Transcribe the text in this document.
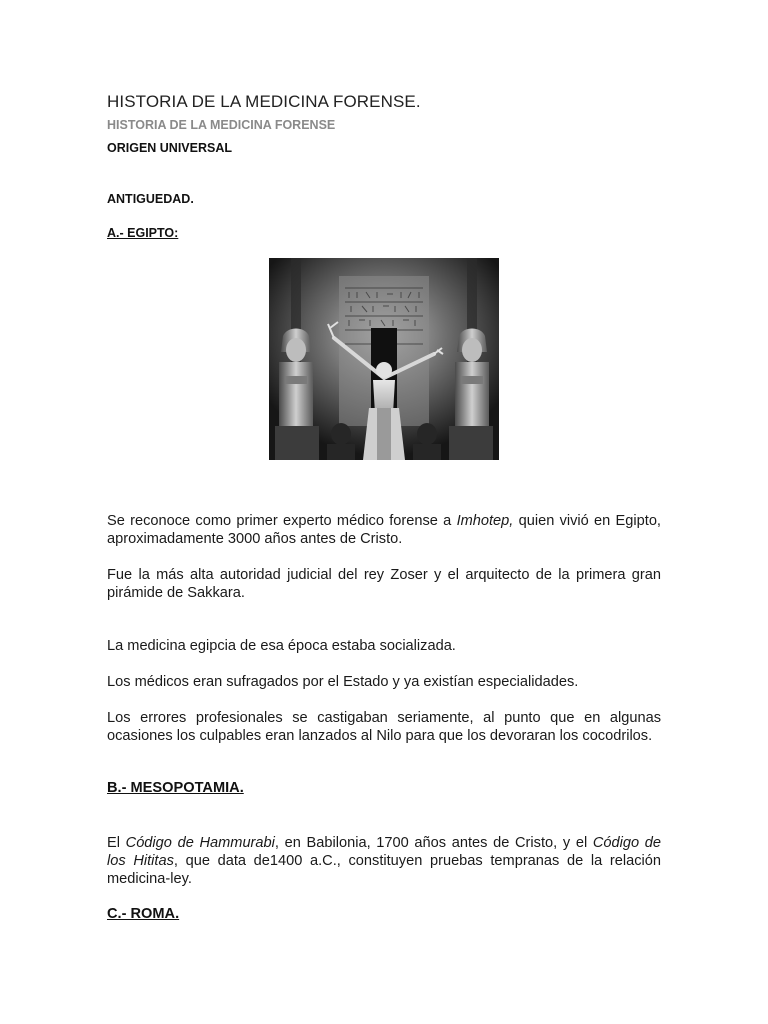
HISTORIA DE LA MEDICINA FORENSE.
HISTORIA DE LA MEDICINA FORENSE
ORIGEN UNIVERSAL
ANTIGUEDAD.
A.- EGIPTO:

Se reconoce como primer experto médico forense a Imhotep, quien vivió en Egipto, aproximadamente 3000 años antes de Cristo.

Fue la más alta autoridad judicial del rey Zoser y el arquitecto de la primera gran pirámide de Sakkara.

La medicina egipcia de esa época estaba socializada.

Los médicos eran sufragados por el Estado y ya existían especialidades.

Los errores profesionales se castigaban seriamente, al punto que en algunas ocasiones los culpables eran lanzados al Nilo para que los devoraran los cocodrilos.

B.- MESOPOTAMIA.

El Código de Hammurabi, en Babilonia, 1700 años antes de Cristo, y el Código de los Hititas, que data de1400 a.C., constituyen pruebas tempranas de la relación medicina-ley.

C.- ROMA.
